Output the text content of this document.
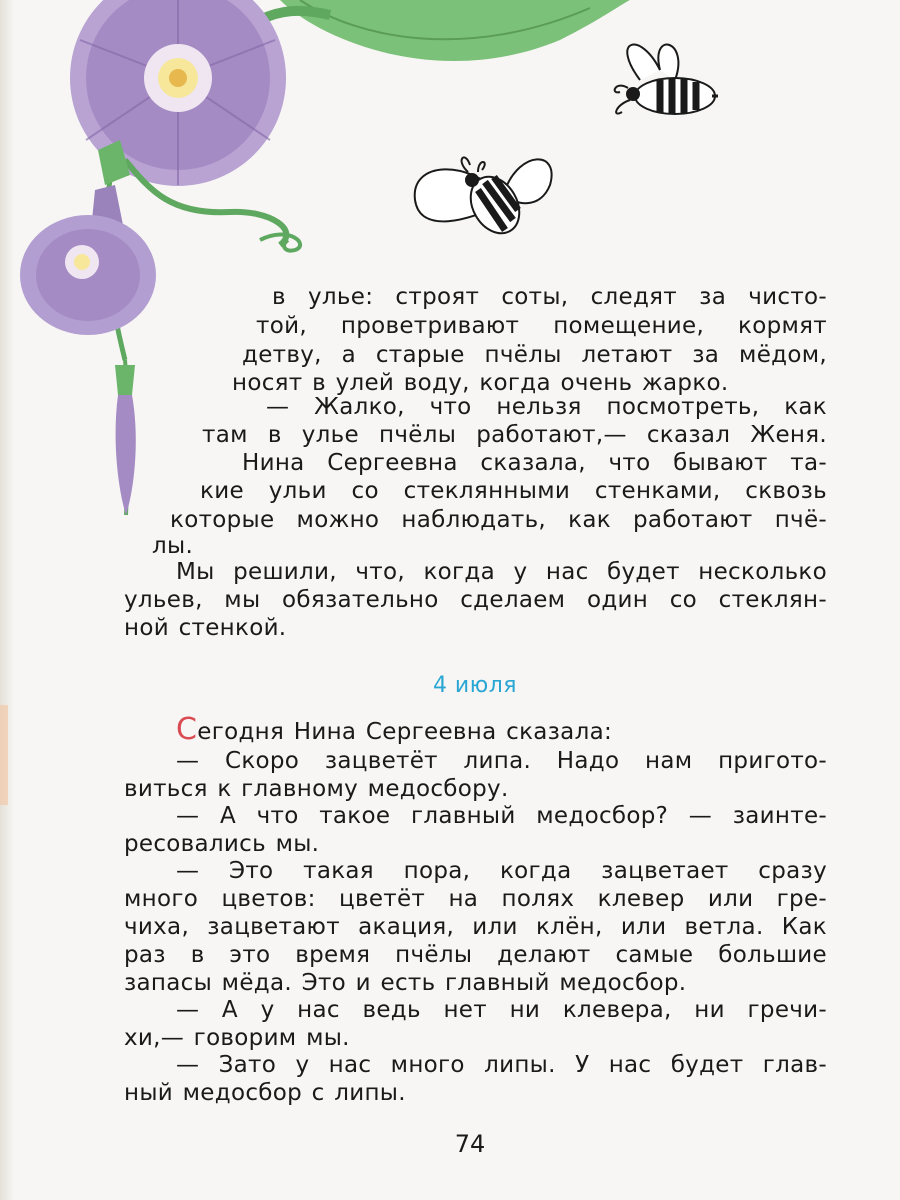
в улье: строят соты, следят за чисто-
той, проветривают помещение, кормят
детву, а старые пчёлы летают за мёдом,
носят в улей воду, когда очень жарко.
— Жалко, что нельзя посмотреть, как
там в улье пчёлы работают,— сказал Женя.
Нина Сергеевна сказала, что бывают та-
кие ульи со стеклянными стенками, сквозь
которые можно наблюдать, как работают пчё-
лы.
Мы решили, что, когда у нас будет несколько
ульев, мы обязательно сделаем один со стеклян-
ной стенкой.
4 июля
Сегодня Нина Сергеевна сказала:
— Скоро зацветёт липа. Надо нам пригото-
виться к главному медосбору.
— А что такое главный медосбор? — заинте-
ресовались мы.
— Это такая пора, когда зацветает сразу
много цветов: цветёт на полях клевер или гре-
чиха, зацветают акация, или клён, или ветла. Как
раз в это время пчёлы делают самые большие
запасы мёда. Это и есть главный медосбор.
— А у нас ведь нет ни клевера, ни гречи-
хи,— говорим мы.
— Зато у нас много липы. У нас будет глав-
ный медосбор с липы.
74
